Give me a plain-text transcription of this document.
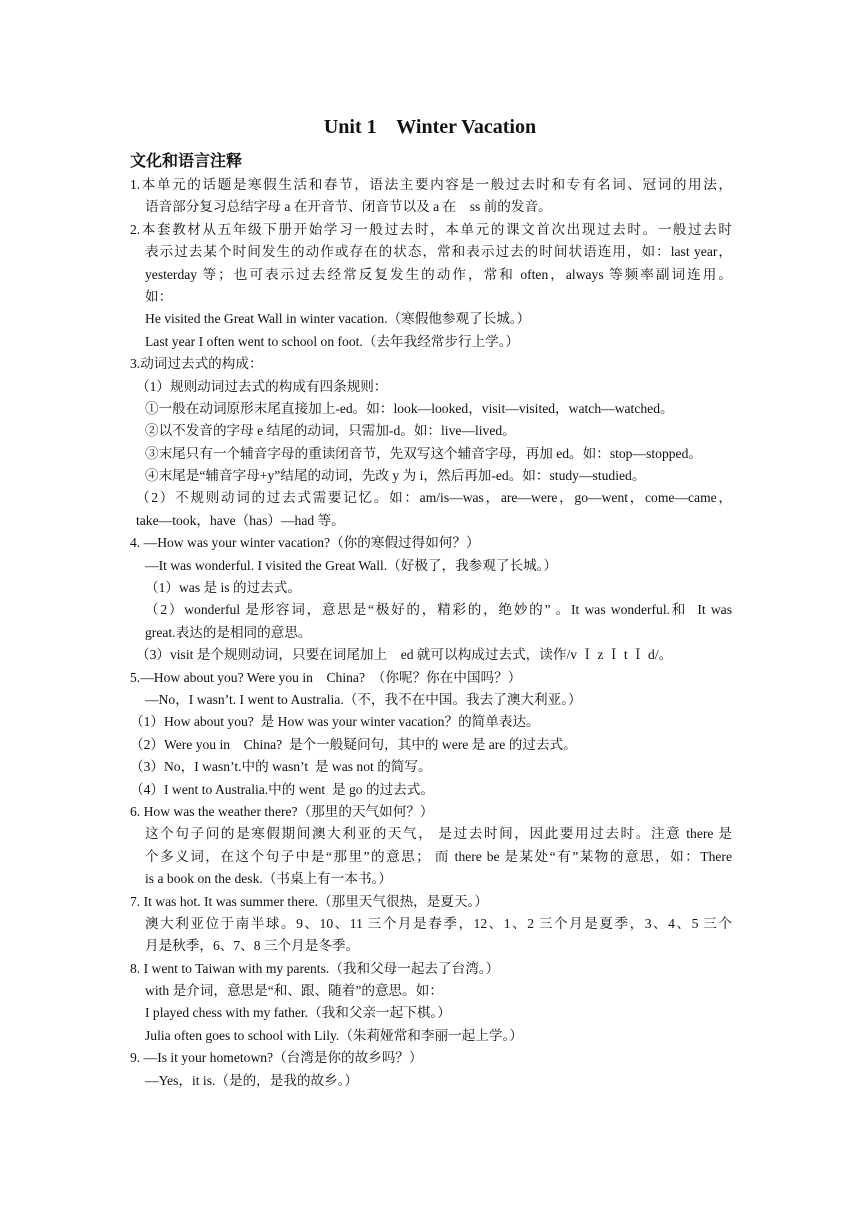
Unit 1    Winter Vacation
文化和语言注释
1.本单元的话题是寒假生活和春节，语法主要内容是一般过去时和专有名词、冠词的用法，
语音部分复习总结字母 a 在开音节、闭音节以及 a 在    ss 前的发音。
2.本套教材从五年级下册开始学习一般过去时，本单元的课文首次出现过去时。一般过去时
表示过去某个时间发生的动作或存在的状态，常和表示过去的时间状语连用，如：last year，
yesterday 等；也可表示过去经常反复发生的动作，常和 often，always 等频率副词连用。
如：
He visited the Great Wall in winter vacation.（寒假他参观了长城。）
Last year I often went to school on foot.（去年我经常步行上学。）
3.动词过去式的构成：
（1）规则动词过去式的构成有四条规则：
①一般在动词原形末尾直接加上-ed。如：look—looked，visit—visited，watch—watched。
②以不发音的字母 e 结尾的动词，只需加-d。如：live—lived。
③末尾只有一个辅音字母的重读闭音节，先双写这个辅音字母，再加 ed。如：stop—stopped。
④末尾是“辅音字母+y”结尾的动词，先改 y 为 i，然后再加-ed。如：study—studied。
（2）不规则动词的过去式需要记忆。如：am/is—was，are—were，go—went，come—came，
take—took，have（has）—had 等。
4. —How was your winter vacation?（你的寒假过得如何？）
—It was wonderful. I visited the Great Wall.（好极了，我参观了长城。）
（1）was 是 is 的过去式。
（2）wonderful 是形容词，意思是“极好的，精彩的，绝妙的” 。It was wonderful.和  It was
great.表达的是相同的意思。
（3）visit 是个规则动词，只要在词尾加上    ed 就可以构成过去式，读作/v Ｉ z Ｉ t Ｉ d/。
5.—How about you? Were you in    China?  （你呢？你在中国吗？）
—No，I wasn’t. I went to Australia.（不，我不在中国。我去了澳大利亚。）
（1）How about you?  是 How was your winter vacation？的简单表达。
（2）Were you in    China?  是个一般疑问句，其中的 were 是 are 的过去式。
（3）No，I wasn’t.中的 wasn’t  是 was not 的简写。
（4）I went to Australia.中的 went  是 go 的过去式。
6. How was the weather there?（那里的天气如何？）
这个句子问的是寒假期间澳大利亚的天气， 是过去时间，因此要用过去时。注意 there 是
个多义词，在这个句子中是“那里”的意思； 而 there be 是某处“有”某物的意思，如：There
is a book on the desk.（书桌上有一本书。）
7. It was hot. It was summer there.（那里天气很热，是夏天。）
澳大利亚位于南半球。9、10、11 三个月是春季，12、1、2 三个月是夏季，3、4、5 三个
月是秋季，6、7、8 三个月是冬季。
8. I went to Taiwan with my parents.（我和父母一起去了台湾。）
with 是介词，意思是“和、跟、随着”的意思。如：
I played chess with my father.（我和父亲一起下棋。）
Julia often goes to school with Lily.（朱莉娅常和李丽一起上学。）
9. —Is it your hometown?（台湾是你的故乡吗？）
—Yes，it is.（是的，是我的故乡。）
